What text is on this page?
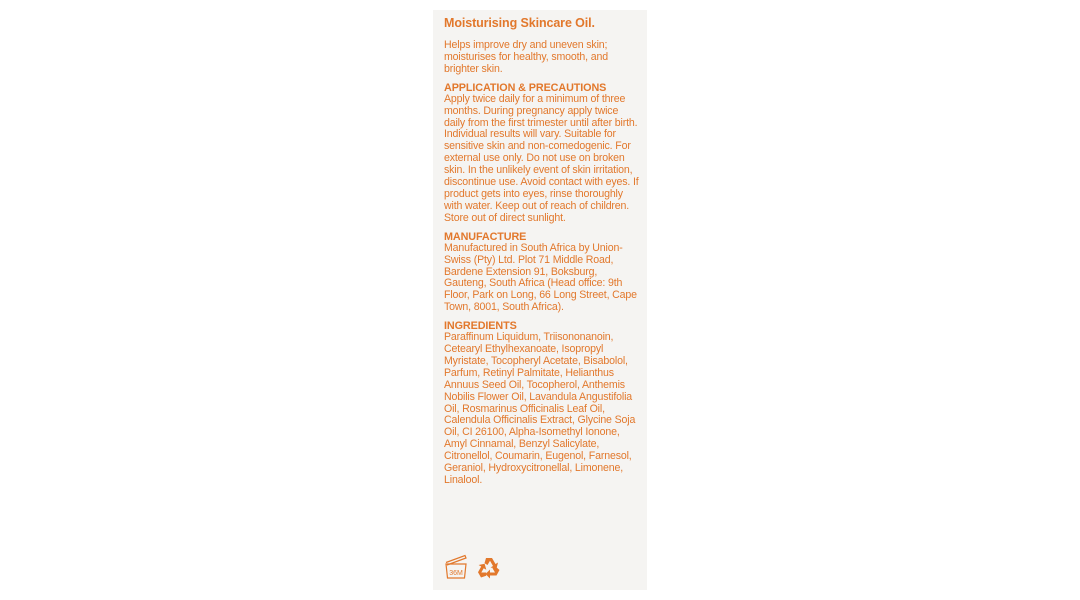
Moisturising Skincare Oil.
Helps improve dry and uneven skin; moisturises for healthy, smooth, and brighter skin.
APPLICATION & PRECAUTIONS
Apply twice daily for a minimum of three months. During pregnancy apply twice daily from the first trimester until after birth. Individual results will vary. Suitable for sensitive skin and non-comedogenic. For external use only. Do not use on broken skin. In the unlikely event of skin irritation, discontinue use. Avoid contact with eyes. If product gets into eyes, rinse thoroughly with water. Keep out of reach of children. Store out of direct sunlight.
MANUFACTURE
Manufactured in South Africa by Union-Swiss (Pty) Ltd. Plot 71 Middle Road, Bardene Extension 91, Boksburg, Gauteng, South Africa (Head office: 9th Floor, Park on Long, 66 Long Street, Cape Town, 8001, South Africa).
INGREDIENTS
Paraffinum Liquidum, Triisononanoin, Cetearyl Ethylhexanoate, Isopropyl Myristate, Tocopheryl Acetate, Bisabolol, Parfum, Retinyl Palmitate, Helianthus Annuus Seed Oil, Tocopherol, Anthemis Nobilis Flower Oil, Lavandula Angustifolia Oil, Rosmarinus Officinalis Leaf Oil, Calendula Officinalis Extract, Glycine Soja Oil, CI 26100, Alpha-Isomethyl Ionone, Amyl Cinnamal, Benzyl Salicylate, Citronellol, Coumarin, Eugenol, Farnesol, Geraniol, Hydroxycitronellal, Limonene, Linalool.
36M
